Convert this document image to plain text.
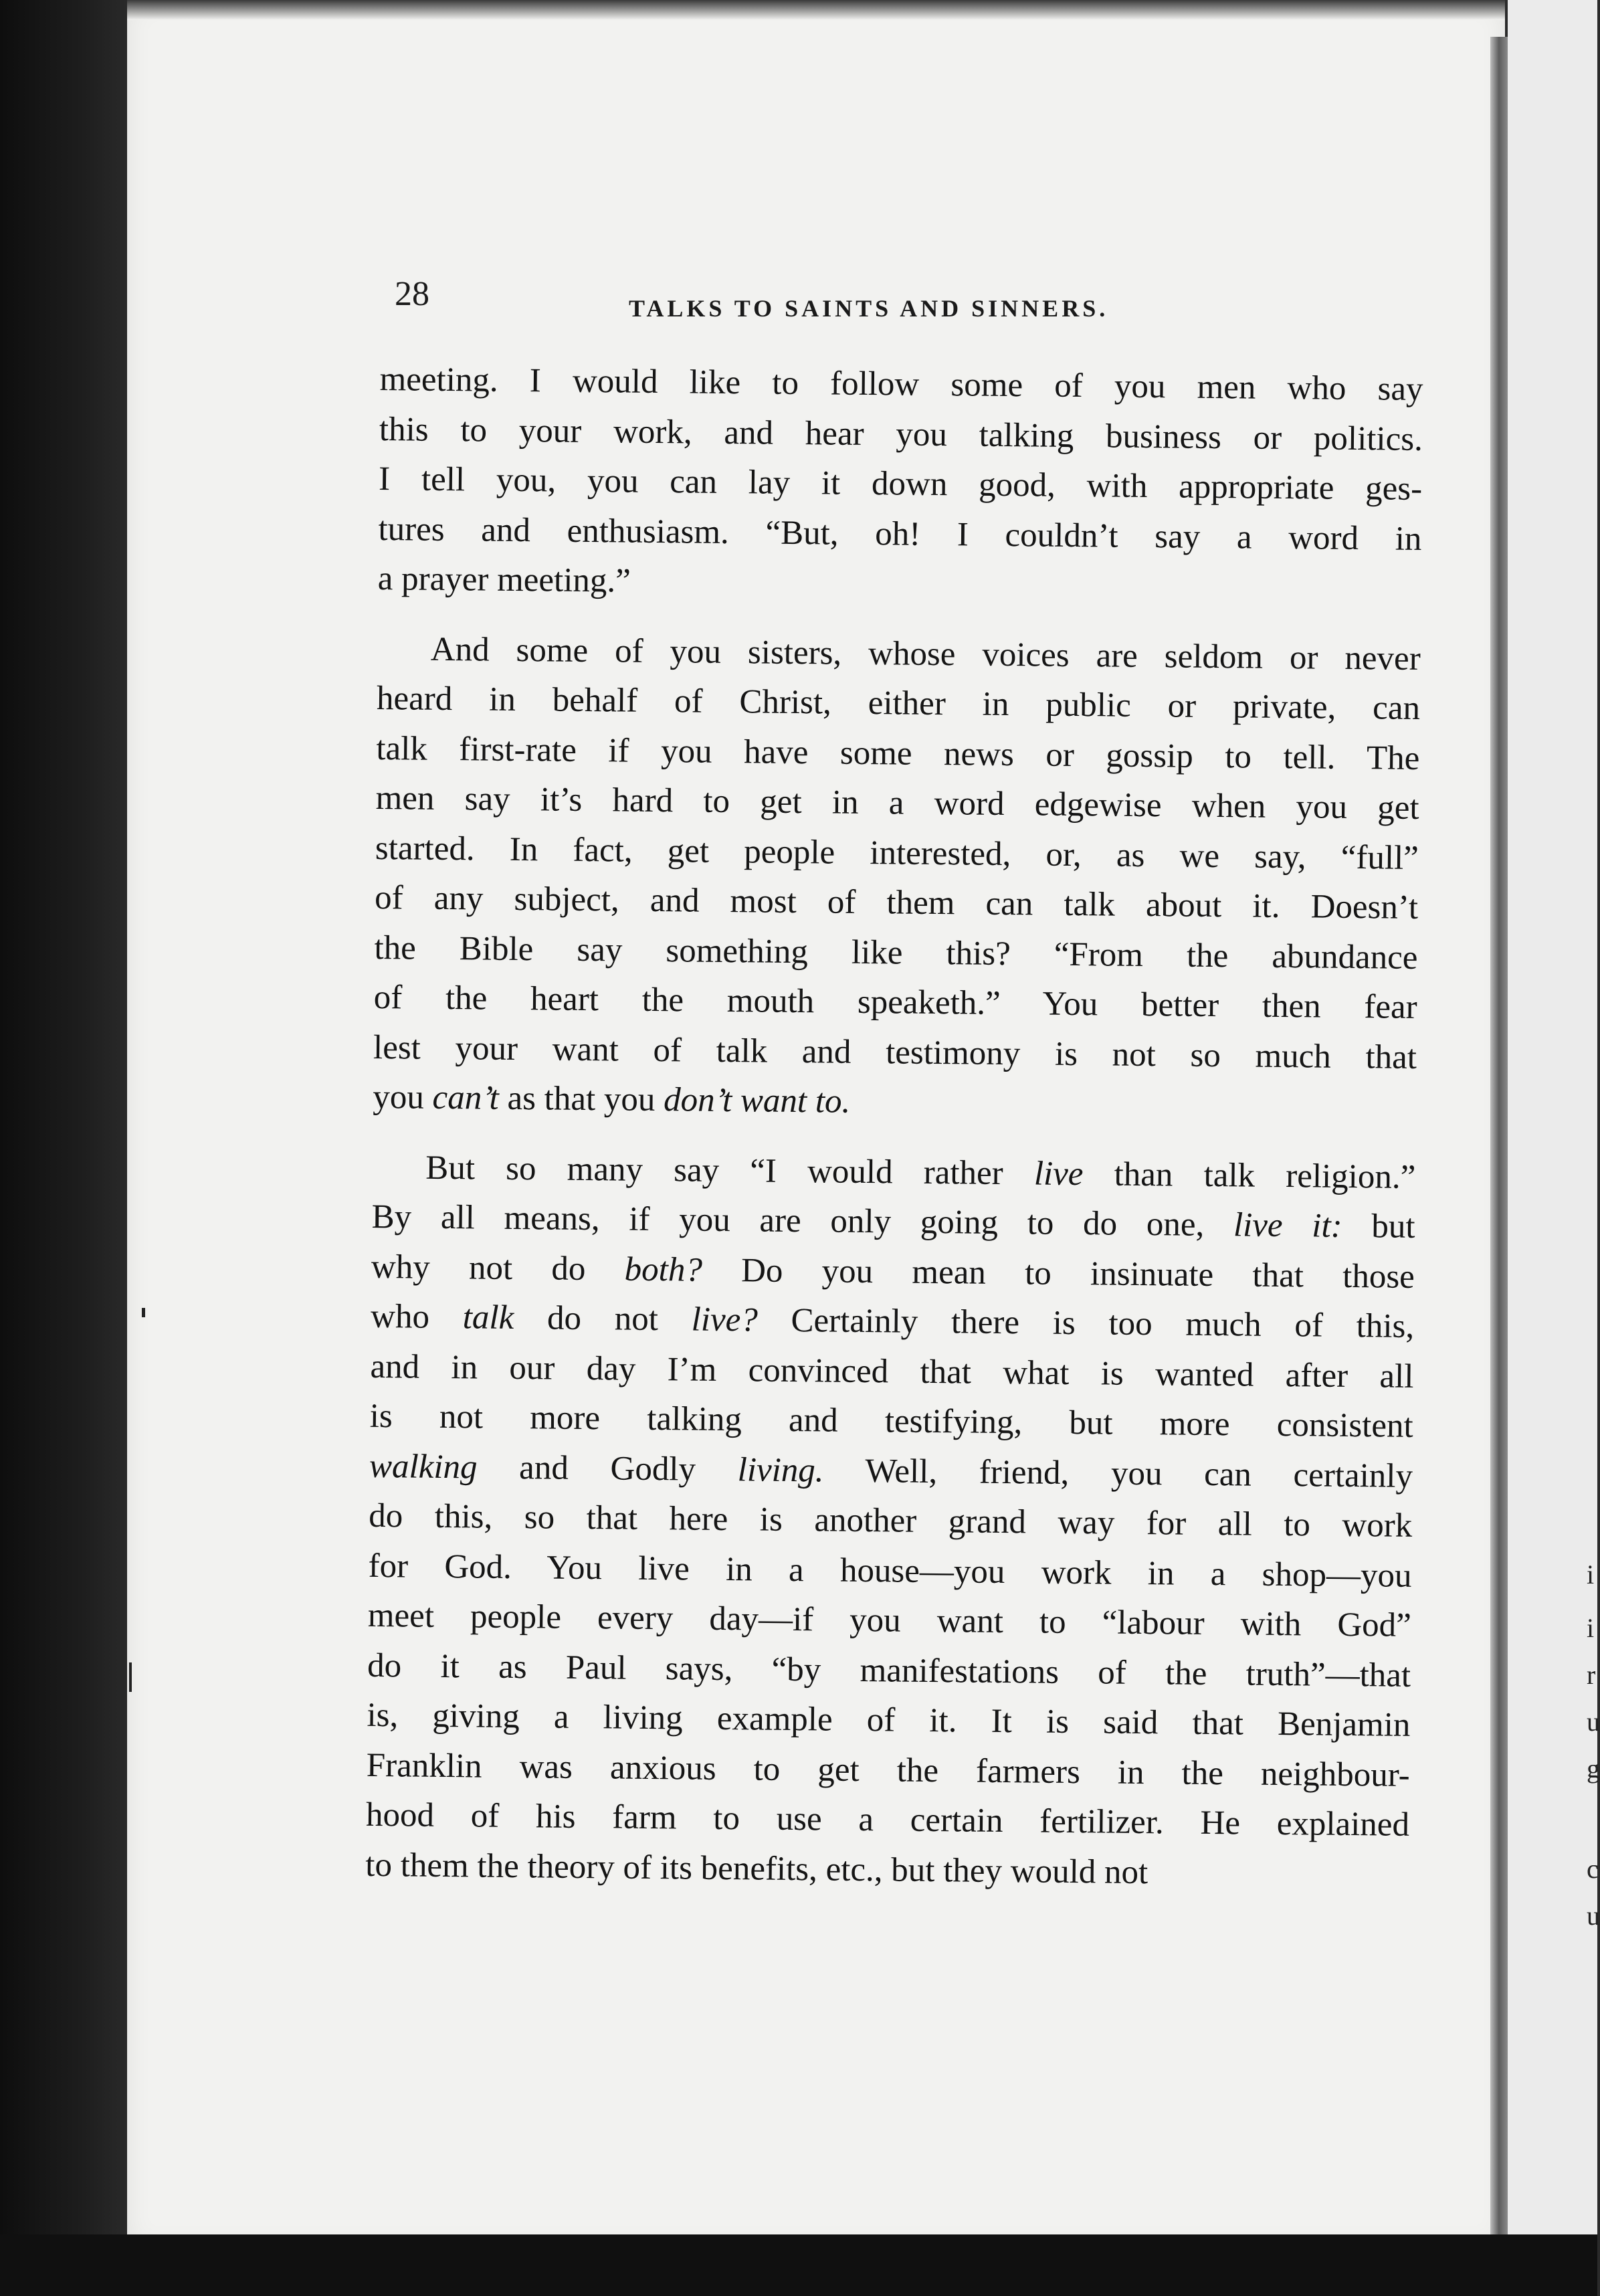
i
i
r
u
g
c
u
28	TALKS TO SAINTS AND SINNERS.

meeting. I would like to follow some of you men who say
this to your work, and hear you talking business or politics.
I tell you, you can lay it down good, with appropriate ges-
tures and enthusiasm. “But, oh! I couldn’t say a word in
a prayer meeting.”

And some of you sisters, whose voices are seldom or never
heard in behalf of Christ, either in public or private, can
talk first-rate if you have some news or gossip to tell. The
men say it’s hard to get in a word edgewise when you get
started. In fact, get people interested, or, as we say, “full”
of any subject, and most of them can talk about it. Doesn’t
the Bible say something like this? “From the abundance
of the heart the mouth speaketh.” You better then fear
lest your want of talk and testimony is not so much that
you can’t as that you don’t want to.

But so many say “I would rather live than talk religion.”
By all means, if you are only going to do one, live it: but
why not do both? Do you mean to insinuate that those
who talk do not live? Certainly there is too much of this,
and in our day I’m convinced that what is wanted after all
is not more talking and testifying, but more consistent
walking and Godly living. Well, friend, you can certainly
do this, so that here is another grand way for all to work
for God. You live in a house—you work in a shop—you
meet people every day—if you want to “labour with God”
do it as Paul says, “by manifestations of the truth”—that
is, giving a living example of it. It is said that Benjamin
Franklin was anxious to get the farmers in the neighbour-
hood of his farm to use a certain fertilizer. He explained
to them the theory of its benefits, etc., but they would not
